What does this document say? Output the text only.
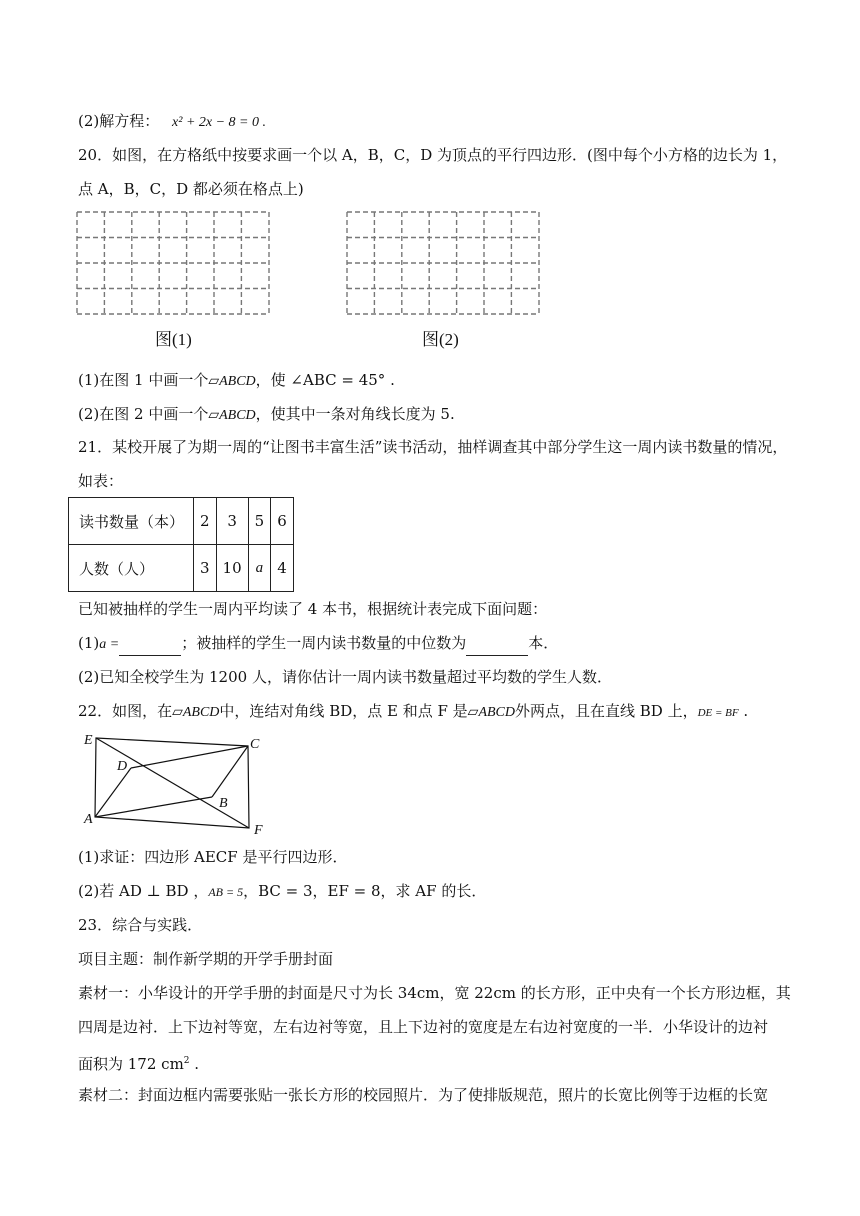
(2)解方程： x² + 2x − 8 = 0 .
20．如图，在方格纸中按要求画一个以 A，B，C，D 为顶点的平行四边形．(图中每个小方格的边长为 1，
点 A，B，C，D 都必须在格点上)
图(1)	图(2)
(1)在图 1 中画一个▱ABCD，使 ∠ABC = 45° .
(2)在图 2 中画一个▱ABCD，使其中一条对角线长度为 5.
21．某校开展了为期一周的“让图书丰富生活”读书活动，抽样调查其中部分学生这一周内读书数量的情况，
如表：
读书数量（本）	2	3	5	6
人数（人）	3	10	a	4
已知被抽样的学生一周内平均读了 4 本书，根据统计表完成下面问题：
(1)a =	；被抽样的学生一周内读书数量的中位数为	本．
(2)已知全校学生为 1200 人，请你估计一周内读书数量超过平均数的学生人数．
22．如图，在▱ABCD中，连结对角线 BD，点 E 和点 F 是▱ABCD外两点，且在直线 BD 上，DE = BF .
E	C
D
B
A
F
(1)求证：四边形 AECF 是平行四边形．
(2)若 AD ⊥ BD ，AB = 5，BC = 3，EF = 8，求 AF 的长．
23．综合与实践．
项目主题：制作新学期的开学手册封面
素材一：小华设计的开学手册的封面是尺寸为长 34cm，宽 22cm 的长方形，正中央有一个长方形边框，其
四周是边衬．上下边衬等宽，左右边衬等宽，且上下边衬的宽度是左右边衬宽度的一半．小华设计的边衬
面积为 172 $cm^2$ .
素材二：封面边框内需要张贴一张长方形的校园照片．为了使排版规范，照片的长宽比例等于边框的长宽
